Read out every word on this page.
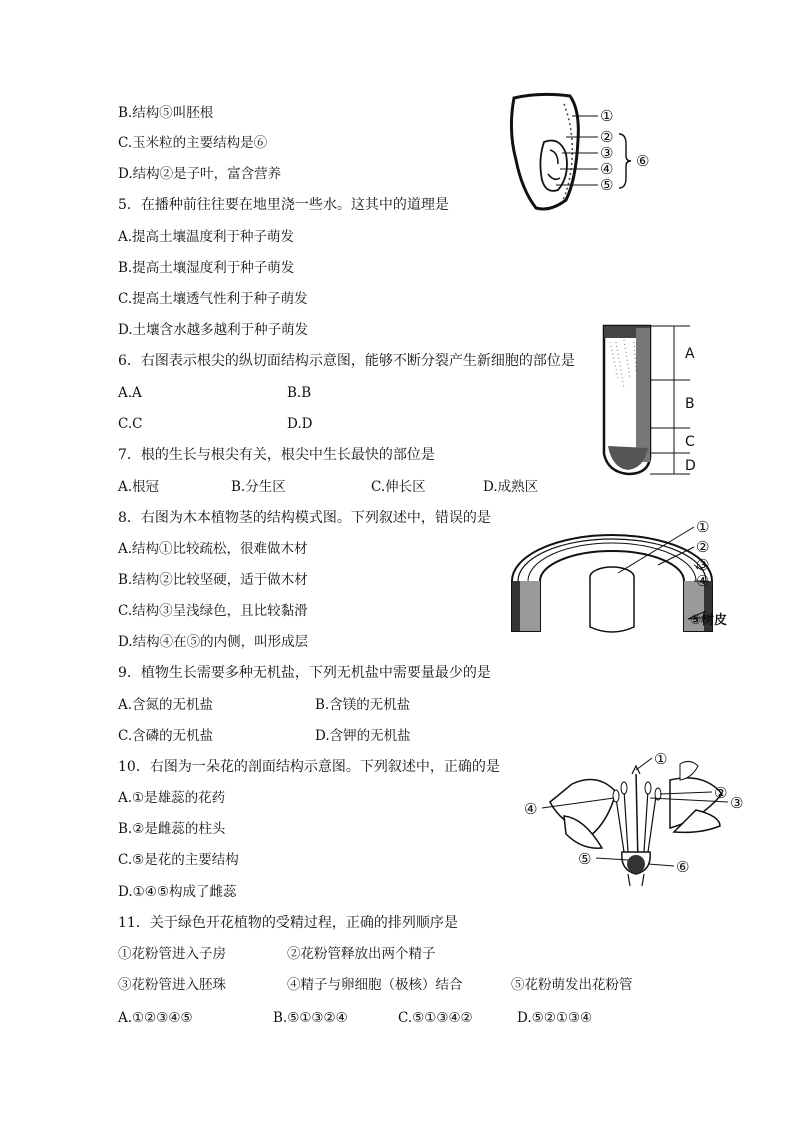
B.结构⑤叫胚根
C.玉米粒的主要结构是⑥
D.结构②是子叶，富含营养
5．在播种前往往要在地里浇一些水。这其中的道理是
A.提高土壤温度利于种子萌发
B.提高土壤湿度利于种子萌发
C.提高土壤透气性利于种子萌发
D.土壤含水越多越利于种子萌发
6．右图表示根尖的纵切面结构示意图，能够不断分裂产生新细胞的部位是
A.A	B.B
C.C	D.D
7．根的生长与根尖有关，根尖中生长最快的部位是
A.根冠	B.分生区	C.伸长区	D.成熟区
8．右图为木本植物茎的结构模式图。下列叙述中，错误的是
A.结构①比较疏松，很难做木材
B.结构②比较坚硬，适于做木材
C.结构③呈浅绿色，且比较黏滑
D.结构④在⑤的内侧，叫形成层
9．植物生长需要多种无机盐，下列无机盐中需要量最少的是
A.含氮的无机盐	B.含镁的无机盐
C.含磷的无机盐	D.含钾的无机盐
10．右图为一朵花的剖面结构示意图。下列叙述中，正确的是
A.①是雄蕊的花药
B.②是雌蕊的柱头
C.⑤是花的主要结构
D.①④⑤构成了雌蕊
11．关于绿色开花植物的受精过程，正确的排列顺序是
①花粉管进入子房	②花粉管释放出两个精子
③花粉管进入胚珠	④精子与卵细胞（极核）结合	⑤花粉萌发出花粉管
A.①②③④⑤	B.⑤①③②④	C.⑤①③④②	D.⑤②①③④
①
②
③
④
⑤
⑥
A
B
C
D
①
②
③
④
⑤树皮
①
②
③
④
⑤	⑥
